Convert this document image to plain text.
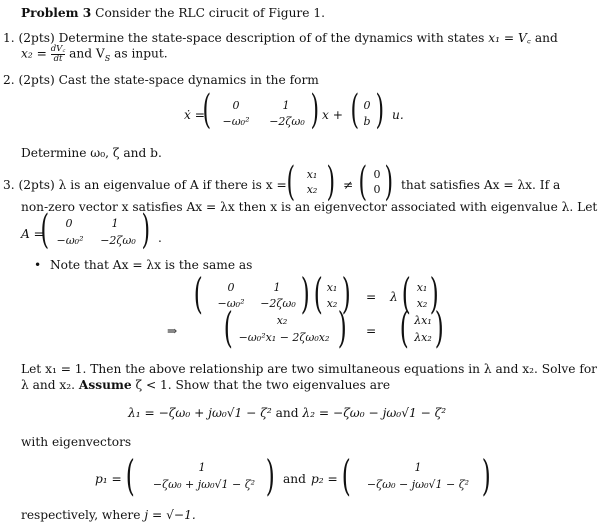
Problem 3 Consider the RLC cirucit of Figure 1.
1. (2pts) Determine the state-space description of of the dynamics with states x₁ = V꜀ and
$x_2 = \frac{dV꜀}{dt}$ and $V_S$ as input.
2. (2pts) Cast the state-space dynamics in the form
ẋ =
(	0	1
−ω₀²	−2ζω₀ ) x + ( 0
b ) u.
Determine ω₀, ζ and b.
3. (2pts) λ is an eigenvalue of A if there is x = (	x₁
x₂ ) ≠ ( 0
0 ) that satisfies Ax = λx. If a
non-zero vector x satisfies Ax = λx then x is an eigenvector associated with eigenvalue λ. Let
A =
(	0	1
−ω₀²	−2ζω₀ ) .
• Note that Ax = λx is the same as
(	0	1
−ω₀²	−2ζω₀ ) ( x₁
x₂ ) = λ ( x₁
x₂ )
⇒ (	x₂
−ω₀²x₁ − 2ζω₀x₂ ) = ( λx₁
λx₂ )
Let x₁ = 1. Then the above relationship are two simultaneous equations in λ and x₂. Solve for
λ and x₂. Assume ζ < 1. Show that the two eigenvalues are
λ₁ = −ζω₀ + jω₀√1 − ζ² and λ₂ = −ζω₀ − jω₀√1 − ζ²
with eigenvectors
p₁ = (	1
−ζω₀ + jω₀√1 − ζ² ) and p₂ = (	1
−ζω₀ − jω₀√1 − ζ² )
respectively, where j = √−1.
